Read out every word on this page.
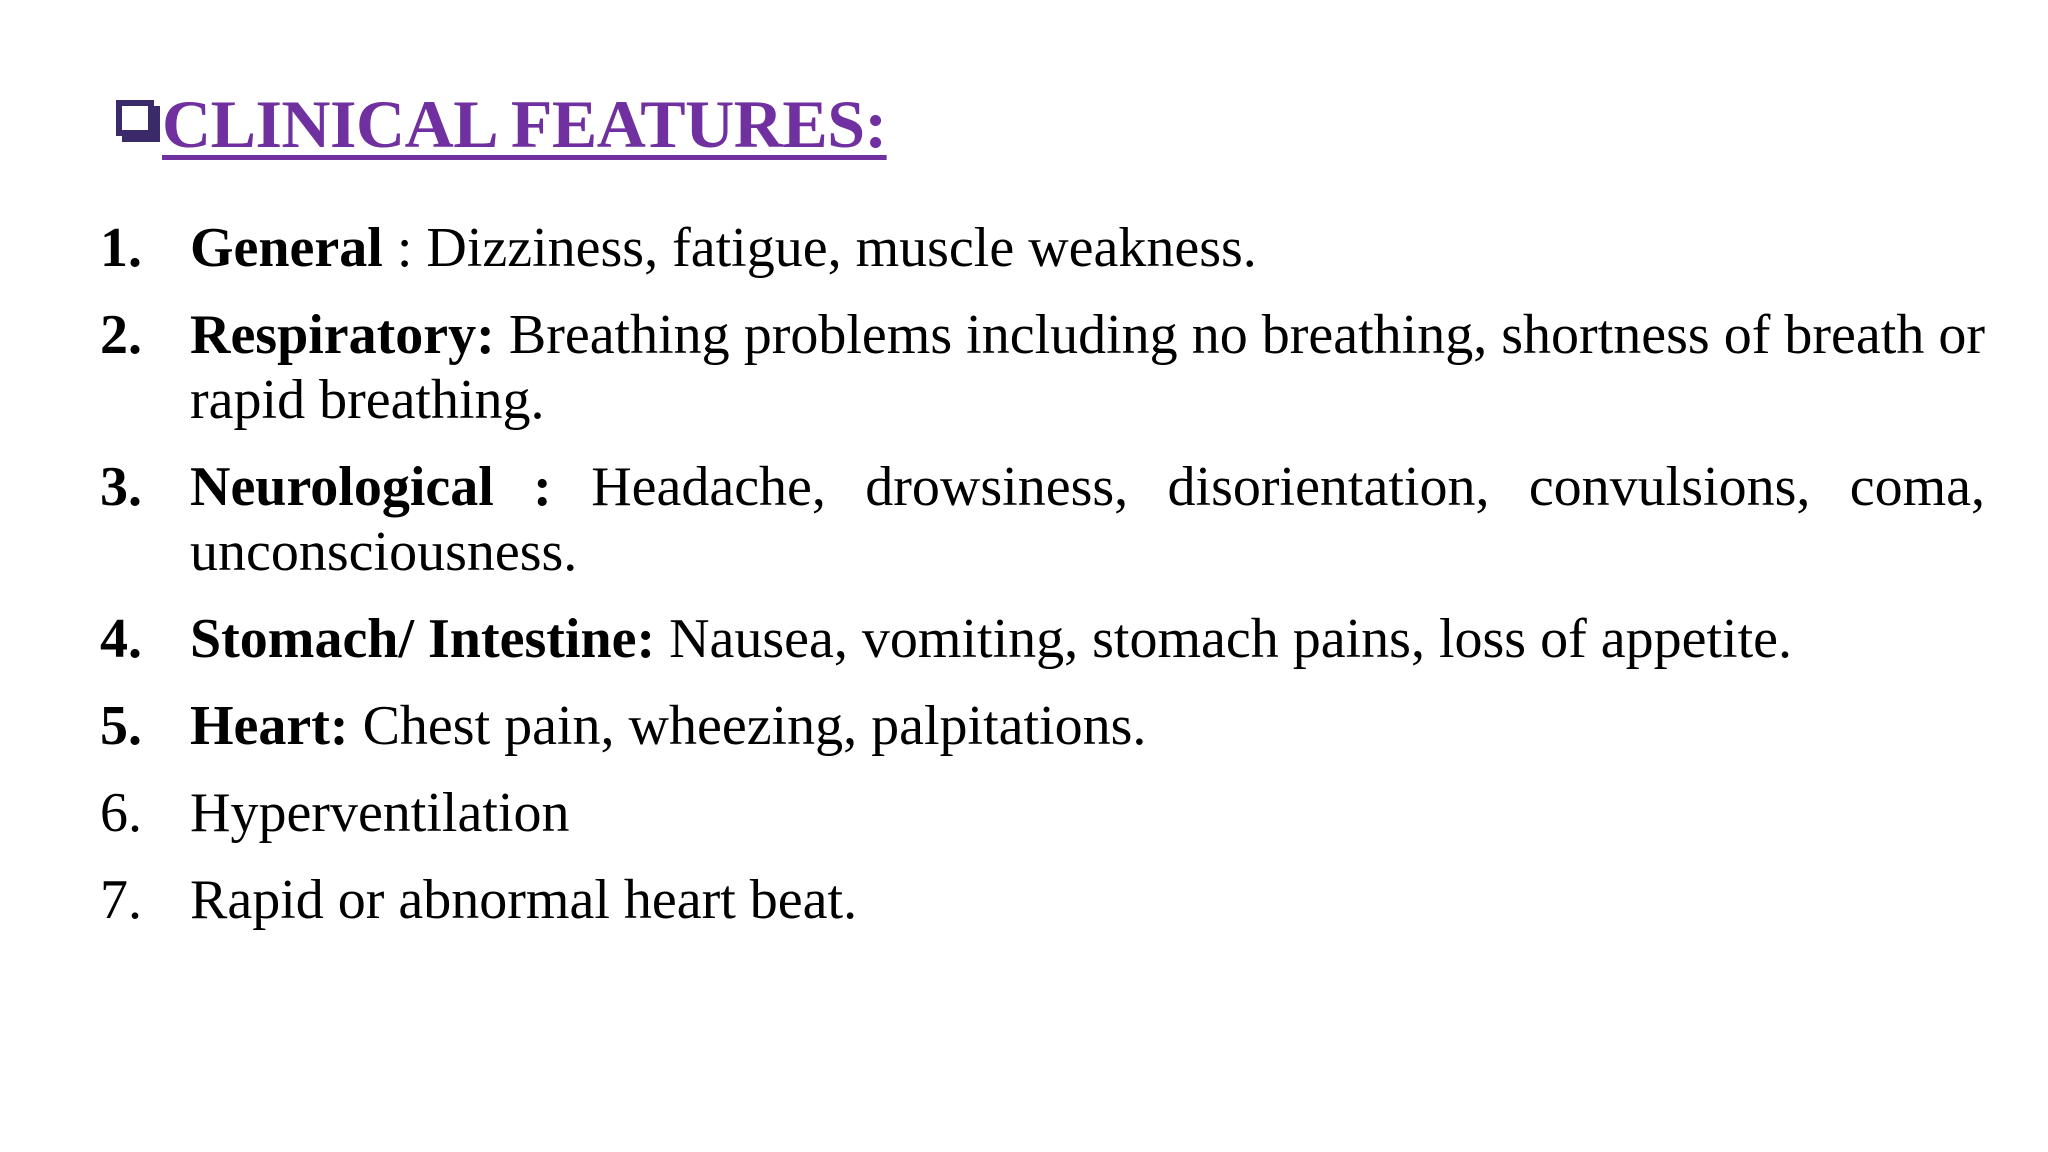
CLINICAL FEATURES:
1. General : Dizziness, fatigue, muscle weakness.
2. Respiratory: Breathing problems including no breathing, shortness of breath or rapid breathing.
3. Neurological : Headache, drowsiness, disorientation, convulsions, coma, unconsciousness.
4. Stomach/ Intestine: Nausea, vomiting, stomach pains, loss of appetite.
5. Heart: Chest pain, wheezing, palpitations.
6. Hyperventilation
7. Rapid or abnormal heart beat.
